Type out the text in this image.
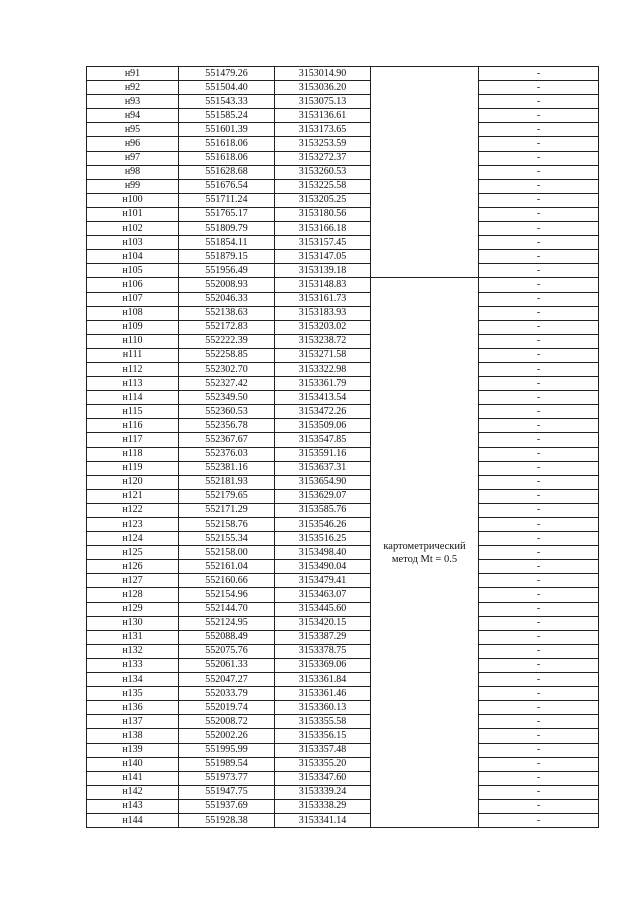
н91	551479.26	3153014.90		-
н92	551504.40	3153036.20		-
н93	551543.33	3153075.13		-
н94	551585.24	3153136.61		-
н95	551601.39	3153173.65		-
н96	551618.06	3153253.59		-
н97	551618.06	3153272.37		-
н98	551628.68	3153260.53		-
н99	551676.54	3153225.58		-
н100	551711.24	3153205.25		-
н101	551765.17	3153180.56		-
н102	551809.79	3153166.18		-
н103	551854.11	3153157.45		-
н104	551879.15	3153147.05		-
н105	551956.49	3153139.18		-
н106	552008.93	3153148.83	картометрический
метод Mt = 0.5	-
н107	552046.33	3153161.73		-
н108	552138.63	3153183.93		-
н109	552172.83	3153203.02		-
н110	552222.39	3153238.72		-
н111	552258.85	3153271.58		-
н112	552302.70	3153322.98		-
н113	552327.42	3153361.79		-
н114	552349.50	3153413.54		-
н115	552360.53	3153472.26		-
н116	552356.78	3153509.06		-
н117	552367.67	3153547.85		-
н118	552376.03	3153591.16		-
н119	552381.16	3153637.31		-
н120	552181.93	3153654.90		-
н121	552179.65	3153629.07		-
н122	552171.29	3153585.76		-
н123	552158.76	3153546.26		-
н124	552155.34	3153516.25		-
н125	552158.00	3153498.40		-
н126	552161.04	3153490.04		-
н127	552160.66	3153479.41		-
н128	552154.96	3153463.07		-
н129	552144.70	3153445.60		-
н130	552124.95	3153420.15		-
н131	552088.49	3153387.29		-
н132	552075.76	3153378.75		-
н133	552061.33	3153369.06		-
н134	552047.27	3153361.84		-
н135	552033.79	3153361.46		-
н136	552019.74	3153360.13		-
н137	552008.72	3153355.58		-
н138	552002.26	3153356.15		-
н139	551995.99	3153357.48		-
н140	551989.54	3153355.20		-
н141	551973.77	3153347.60		-
н142	551947.75	3153339.24		-
н143	551937.69	3153338.29		-
н144	551928.38	3153341.14		-
